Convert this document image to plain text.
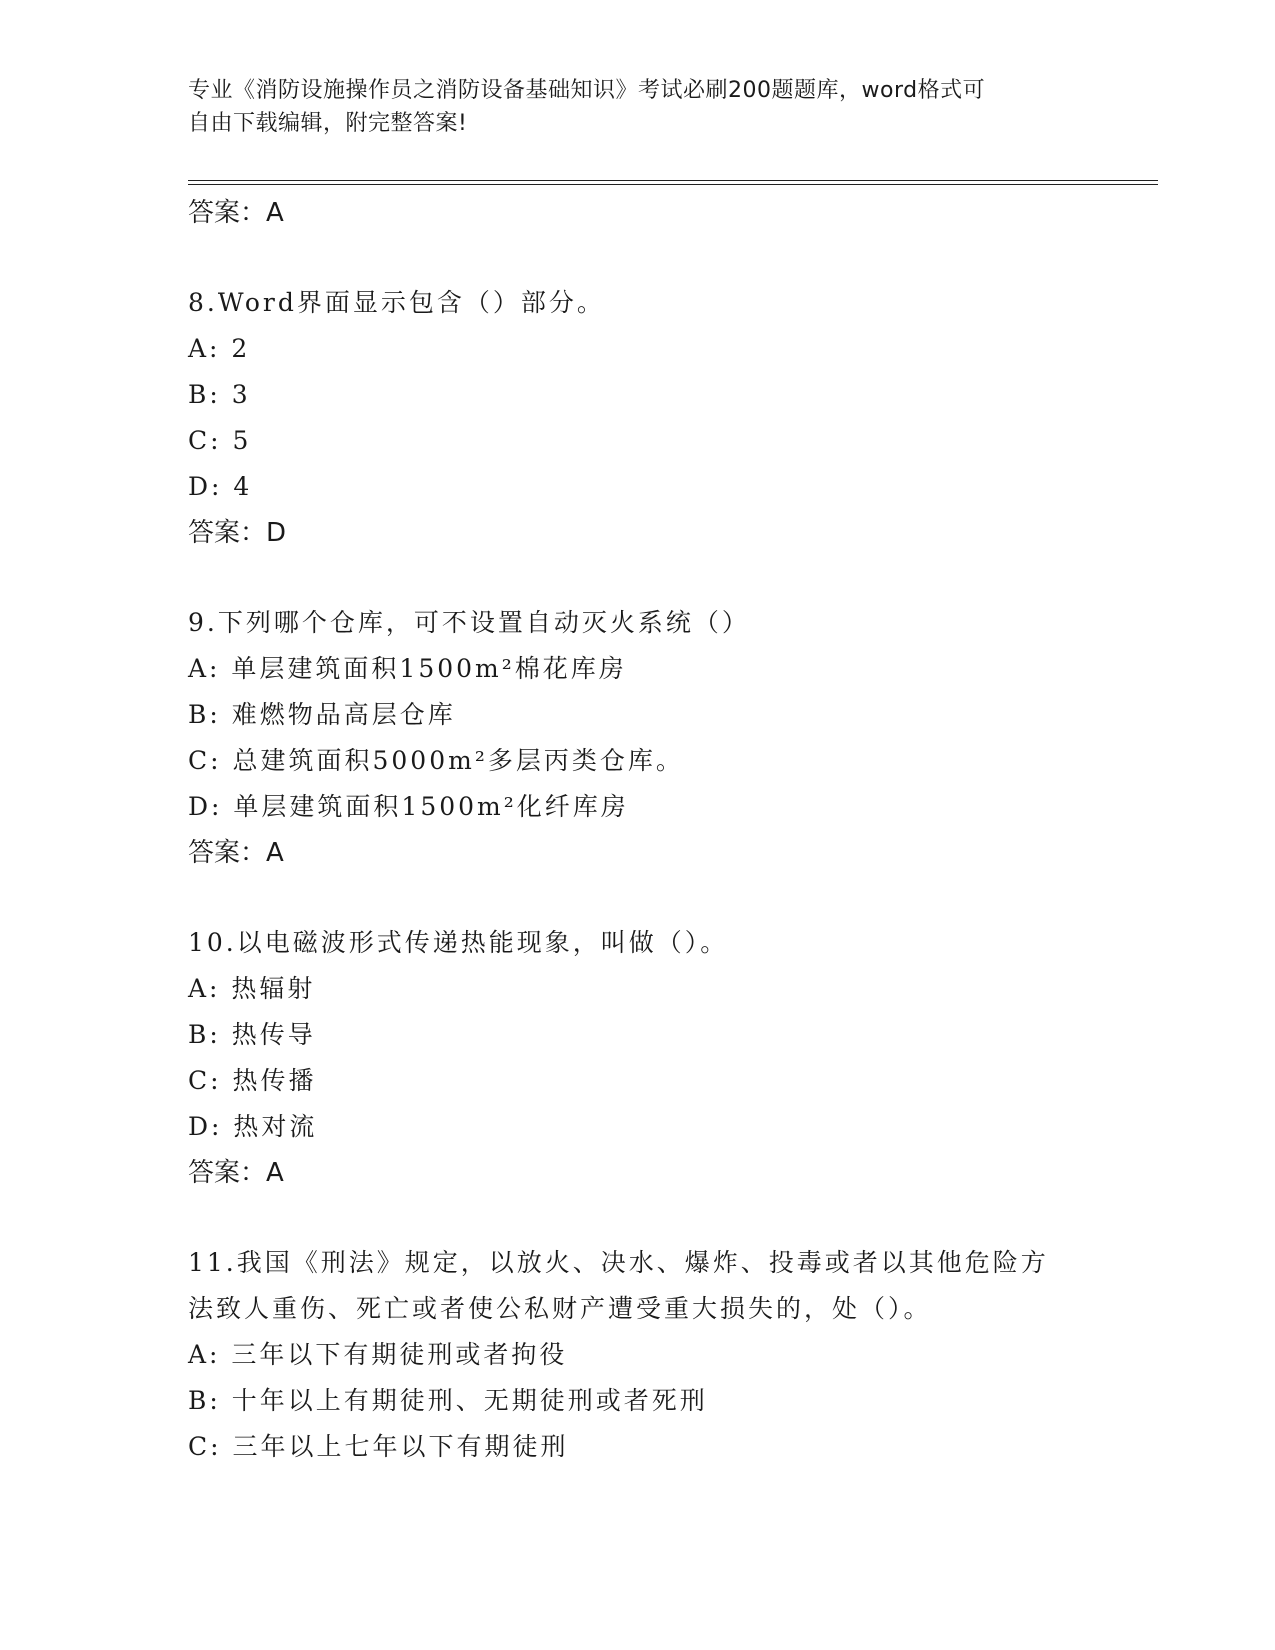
专业《消防设施操作员之消防设备基础知识》考试必刷200题题库，word格式可
自由下载编辑，附完整答案!
答案：A
8.Word界面显示包含（）部分。
A: 2
B: 3
C: 5
D: 4
答案：D
9.下列哪个仓库，可不设置自动灭火系统（）
A: 单层建筑面积1500m²棉花库房
B: 难燃物品高层仓库
C: 总建筑面积5000m²多层丙类仓库。
D: 单层建筑面积1500m²化纤库房
答案：A
10.以电磁波形式传递热能现象，叫做（）。
A: 热辐射
B: 热传导
C: 热传播
D: 热对流
答案：A
11.我国《刑法》规定，以放火、决水、爆炸、投毒或者以其他危险方
法致人重伤、死亡或者使公私财产遭受重大损失的，处（）。
A: 三年以下有期徒刑或者拘役
B: 十年以上有期徒刑、无期徒刑或者死刑
C: 三年以上七年以下有期徒刑
